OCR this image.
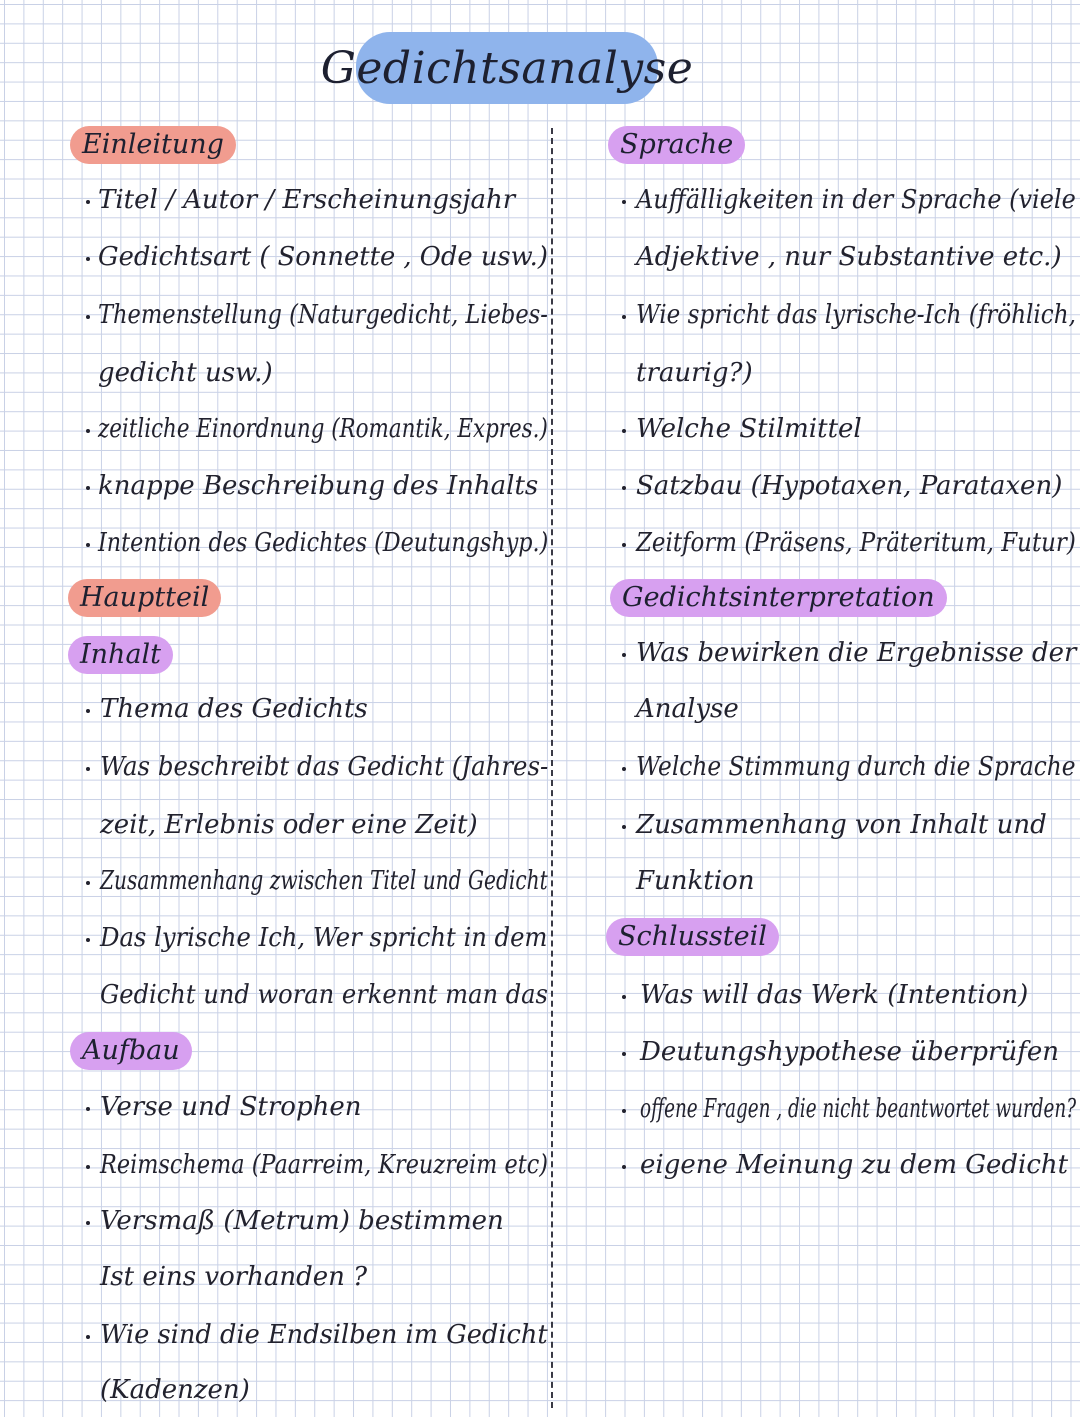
Gedichtsanalyse
Einleitung
Titel / Autor / Erscheinungsjahr
Gedichtsart ( Sonnette , Ode usw.)
Themenstellung (Naturgedicht, Liebes-
gedicht usw.)
zeitliche Einordnung (Romantik, Expres.)
knappe Beschreibung des Inhalts
Intention des Gedichtes (Deutungshyp.)
Hauptteil
Inhalt
Thema des Gedichts
Was beschreibt das Gedicht (Jahres-
zeit, Erlebnis oder eine Zeit)
Zusammenhang zwischen Titel und Gedicht
Das lyrische Ich, Wer spricht in dem
Gedicht und woran erkennt man das
Aufbau
Verse und Strophen
Reimschema (Paarreim, Kreuzreim etc)
Versmaß (Metrum) bestimmen
Ist eins vorhanden ?
Wie sind die Endsilben im Gedicht
(Kadenzen)
Sprache
Auffälligkeiten in der Sprache (viele
Adjektive , nur Substantive etc.)
Wie spricht das lyrische-Ich (fröhlich,
traurig?)
Welche Stilmittel
Satzbau (Hypotaxen, Parataxen)
Zeitform (Präsens, Präteritum, Futur)
Gedichtsinterpretation
Was bewirken die Ergebnisse der
Analyse
Welche Stimmung durch die Sprache
Zusammenhang von Inhalt und
Funktion
Schlussteil
Was will das Werk (Intention)
Deutungshypothese überprüfen
offene Fragen , die nicht beantwortet wurden?
eigene Meinung zu dem Gedicht
